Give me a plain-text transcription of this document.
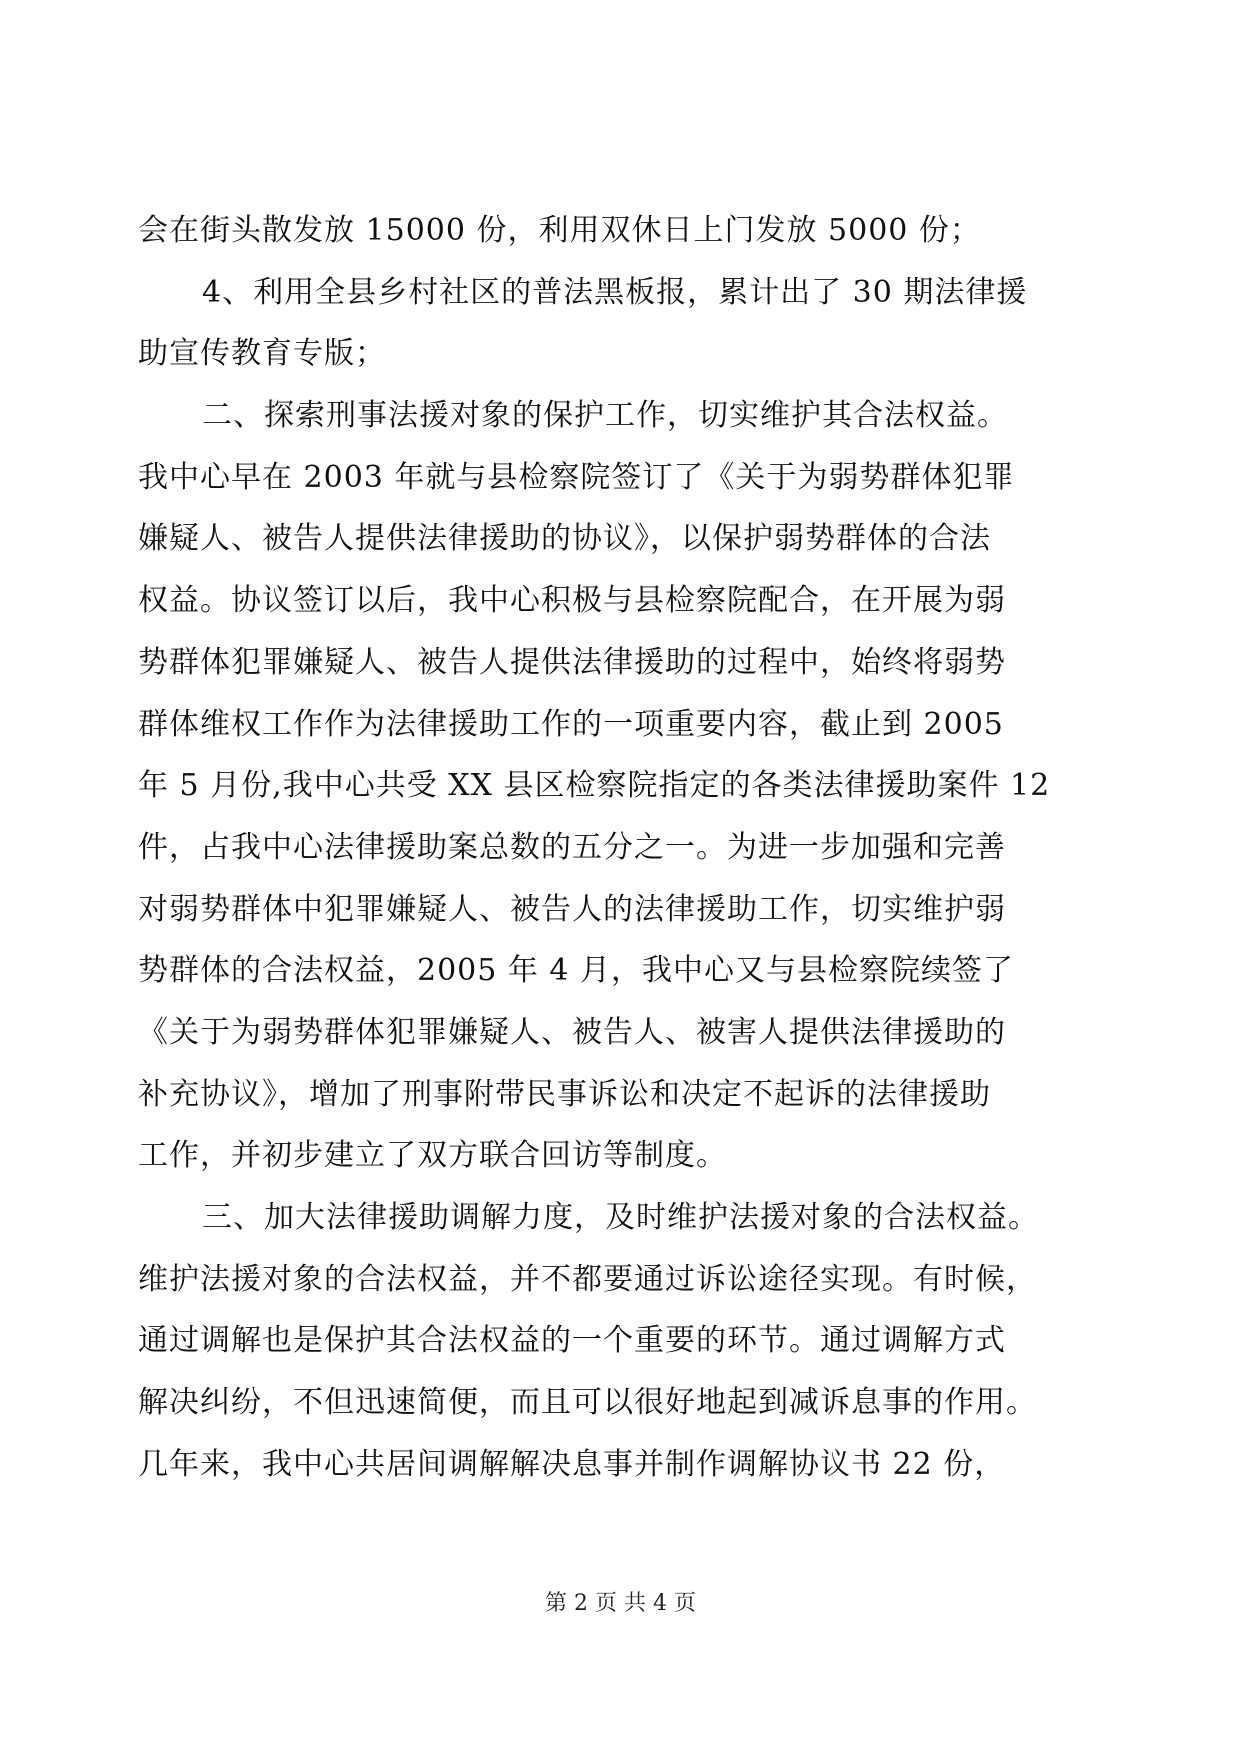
会在街头散发放 15000 份，利用双休日上门发放 5000 份；
4、利用全县乡村社区的普法黑板报，累计出了 30 期法律援
助宣传教育专版；
二、探索刑事法援对象的保护工作，切实维护其合法权益。
我中心早在 2003 年就与县检察院签订了《关于为弱势群体犯罪
嫌疑人、被告人提供法律援助的协议》，以保护弱势群体的合法
权益。协议签订以后，我中心积极与县检察院配合，在开展为弱
势群体犯罪嫌疑人、被告人提供法律援助的过程中，始终将弱势
群体维权工作作为法律援助工作的一项重要内容，截止到 2005
年 5 月份,我中心共受 XX 县区检察院指定的各类法律援助案件 12
件，占我中心法律援助案总数的五分之一。为进一步加强和完善
对弱势群体中犯罪嫌疑人、被告人的法律援助工作，切实维护弱
势群体的合法权益，2005 年 4 月，我中心又与县检察院续签了
《关于为弱势群体犯罪嫌疑人、被告人、被害人提供法律援助的
补充协议》，增加了刑事附带民事诉讼和决定不起诉的法律援助
工作，并初步建立了双方联合回访等制度。
三、加大法律援助调解力度，及时维护法援对象的合法权益。
维护法援对象的合法权益，并不都要通过诉讼途径实现。有时候，
通过调解也是保护其合法权益的一个重要的环节。通过调解方式
解决纠纷，不但迅速简便，而且可以很好地起到减诉息事的作用。
几年来，我中心共居间调解解决息事并制作调解协议书 22 份，
第 2 页 共 4 页
